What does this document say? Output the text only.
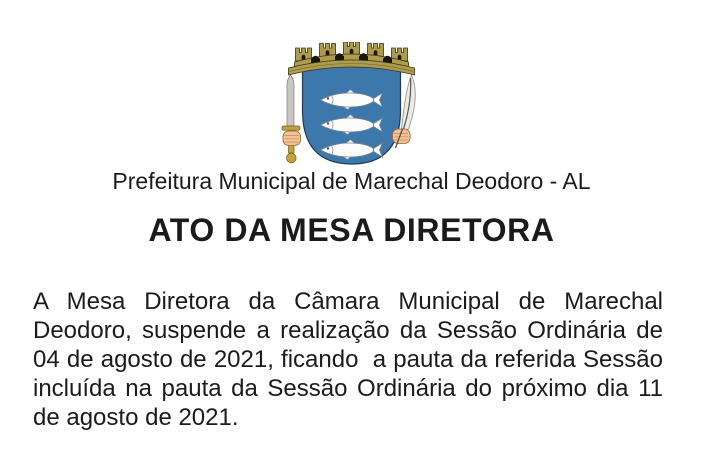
Prefeitura Municipal de Marechal Deodoro - AL
ATO DA MESA DIRETORA

A Mesa Diretora da Câmara Municipal de Marechal Deodoro, suspende a realização da Sessão Ordinária de 04 de agosto de 2021, ficando  a pauta da referida Sessão incluída na pauta da Sessão Ordinária do próximo dia 11 de agosto de 2021.
